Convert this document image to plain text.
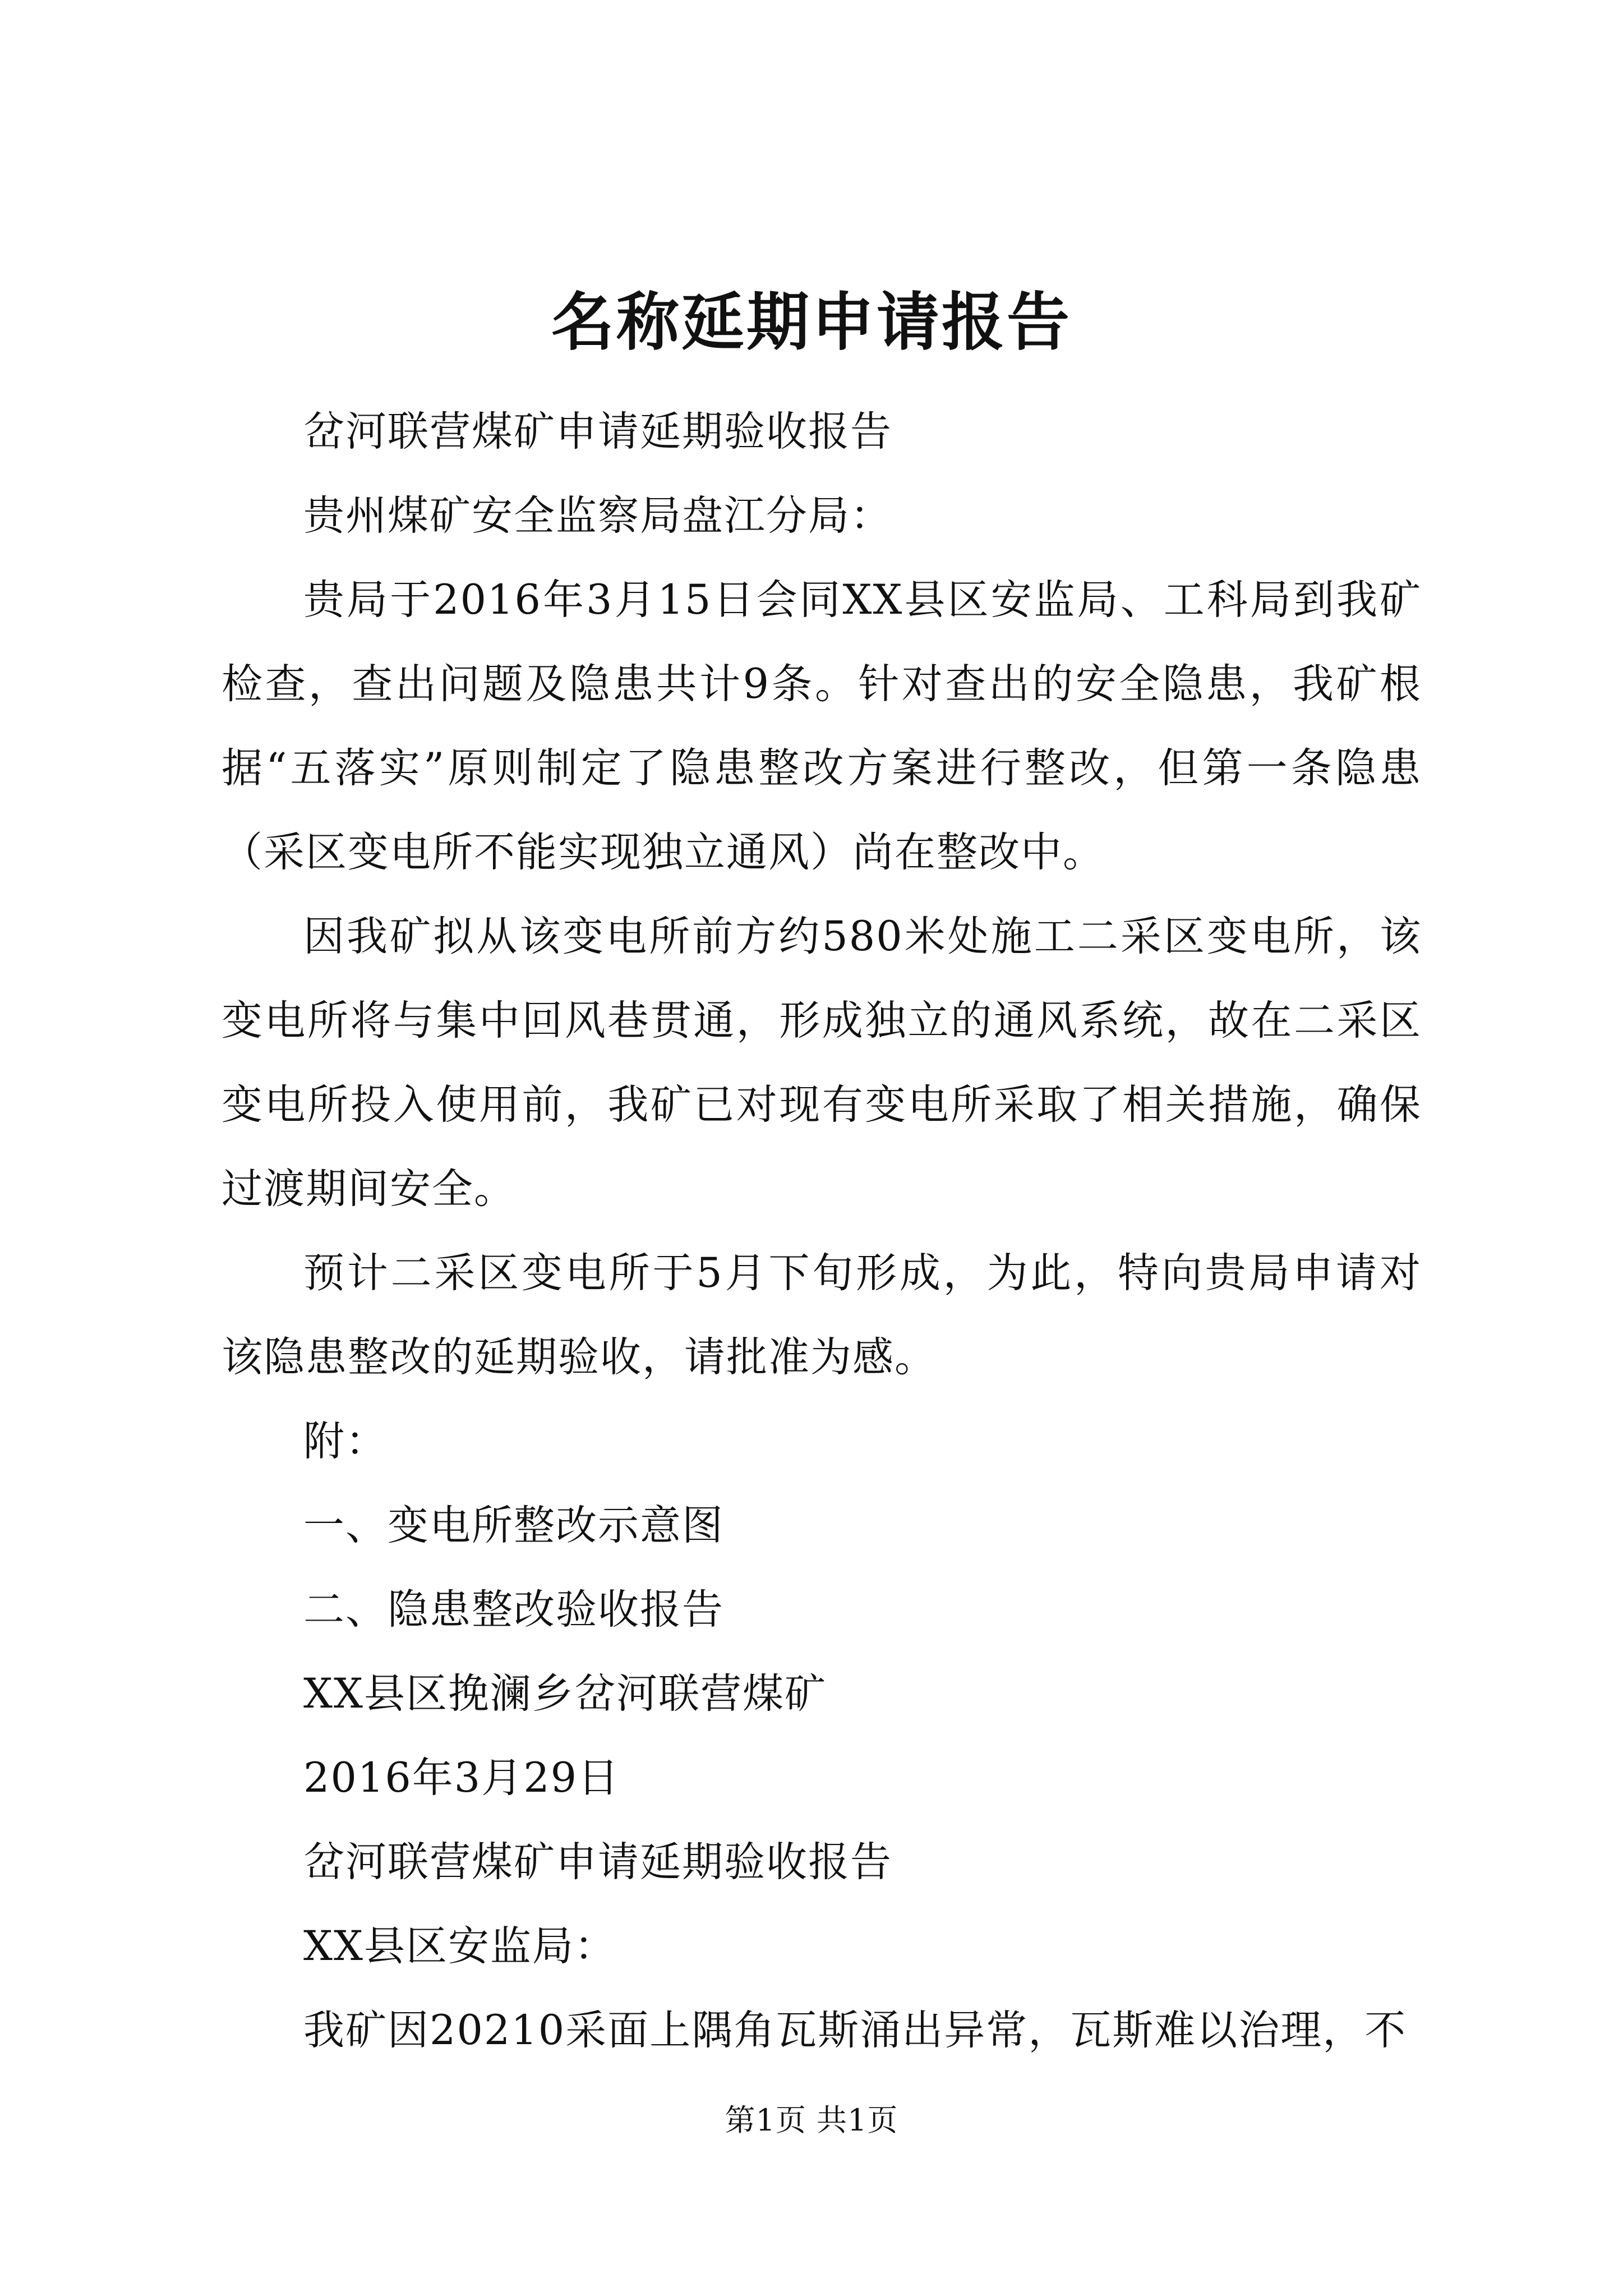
名称延期申请报告

岔河联营煤矿申请延期验收报告

贵州煤矿安全监察局盘江分局：

贵局于2016年3月15日会同XX县区安监局、工科局到我矿检查，查出问题及隐患共计9条。针对查出的安全隐患，我矿根据“五落实”原则制定了隐患整改方案进行整改，但第一条隐患（采区变电所不能实现独立通风）尚在整改中。

因我矿拟从该变电所前方约580米处施工二采区变电所，该变电所将与集中回风巷贯通，形成独立的通风系统，故在二采区变电所投入使用前，我矿已对现有变电所采取了相关措施，确保过渡期间安全。

预计二采区变电所于5月下旬形成，为此，特向贵局申请对该隐患整改的延期验收，请批准为感。

附：

一、变电所整改示意图

二、隐患整改验收报告

XX县区挽澜乡岔河联营煤矿

2016年3月29日

岔河联营煤矿申请延期验收报告

XX县区安监局：

我矿因20210采面上隅角瓦斯涌出异常，瓦斯难以治理，不

第1页 共1页
